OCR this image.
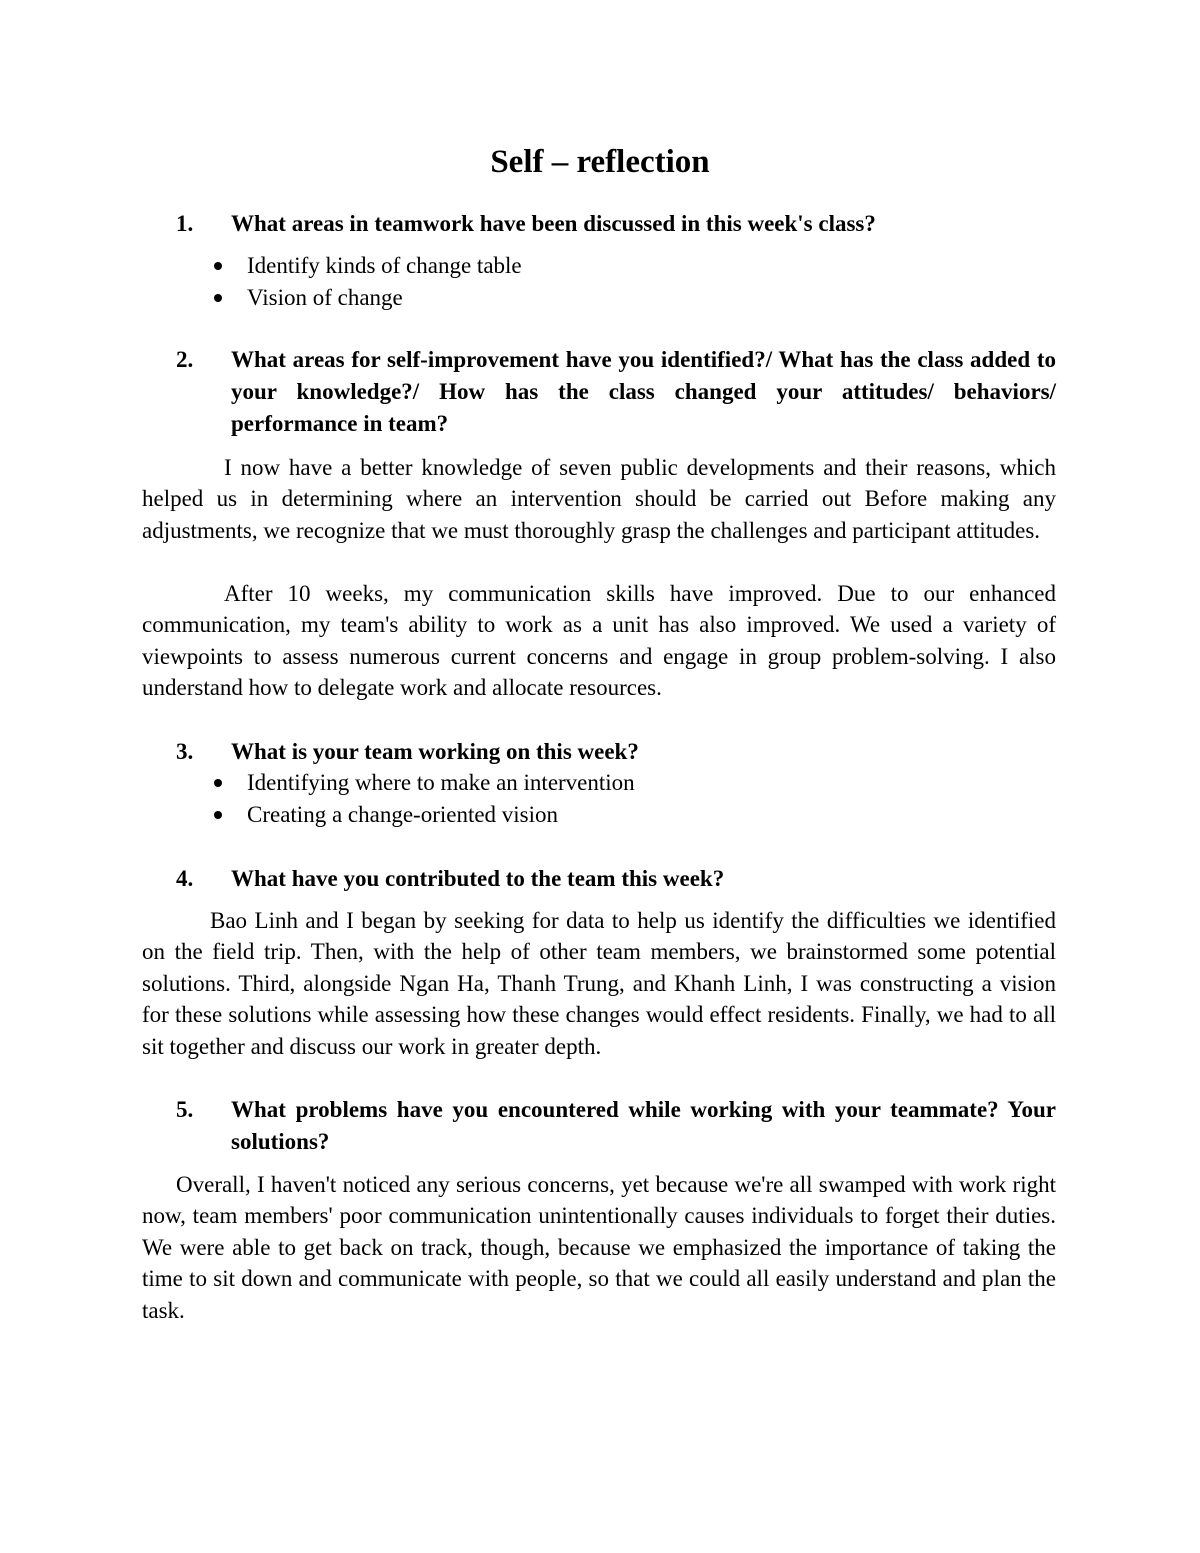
Self – reflection
1. What areas in teamwork have been discussed in this week's class?
Identify kinds of change table
Vision of change
2. What areas for self-improvement have you identified?/ What has the class added to your knowledge?/ How has the class changed your attitudes/ behaviors/ performance in team?

I now have a better knowledge of seven public developments and their reasons, which helped us in determining where an intervention should be carried out Before making any adjustments, we recognize that we must thoroughly grasp the challenges and participant attitudes.

After 10 weeks, my communication skills have improved. Due to our enhanced communication, my team's ability to work as a unit has also improved. We used a variety of viewpoints to assess numerous current concerns and engage in group problem-solving. I also understand how to delegate work and allocate resources.

3. What is your team working on this week?
Identifying where to make an intervention
Creating a change-oriented vision
4. What have you contributed to the team this week?

Bao Linh and I began by seeking for data to help us identify the difficulties we identified on the field trip. Then, with the help of other team members, we brainstormed some potential solutions. Third, alongside Ngan Ha, Thanh Trung, and Khanh Linh, I was constructing a vision for these solutions while assessing how these changes would effect residents. Finally, we had to all sit together and discuss our work in greater depth.

5. What problems have you encountered while working with your teammate? Your solutions?

Overall, I haven't noticed any serious concerns, yet because we're all swamped with work right now, team members' poor communication unintentionally causes individuals to forget their duties. We were able to get back on track, though, because we emphasized the importance of taking the time to sit down and communicate with people, so that we could all easily understand and plan the task.
